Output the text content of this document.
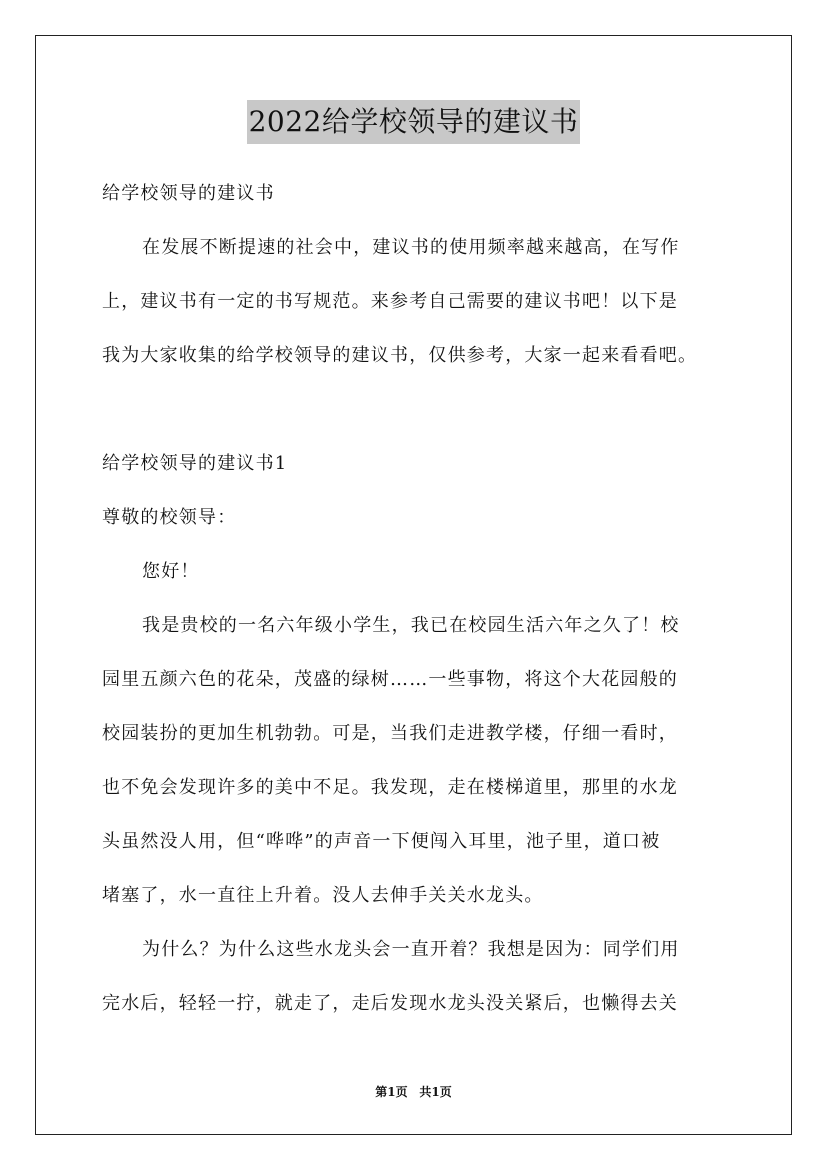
2022给学校领导的建议书
给学校领导的建议书
在发展不断提速的社会中，建议书的使用频率越来越高，在写作
上，建议书有一定的书写规范。来参考自己需要的建议书吧！以下是
我为大家收集的给学校领导的建议书，仅供参考，大家一起来看看吧。
给学校领导的建议书1
尊敬的校领导：
您好！
我是贵校的一名六年级小学生，我已在校园生活六年之久了！校
园里五颜六色的花朵，茂盛的绿树……一些事物，将这个大花园般的
校园装扮的更加生机勃勃。可是，当我们走进教学楼，仔细一看时，
也不免会发现许多的美中不足。我发现，走在楼梯道里，那里的水龙
头虽然没人用，但“哗哗”的声音一下便闯入耳里，池子里，道口被
堵塞了，水一直往上升着。没人去伸手关关水龙头。
为什么？为什么这些水龙头会一直开着？我想是因为：同学们用
完水后，轻轻一拧，就走了，走后发现水龙头没关紧后，也懒得去关
第1页 共1页
